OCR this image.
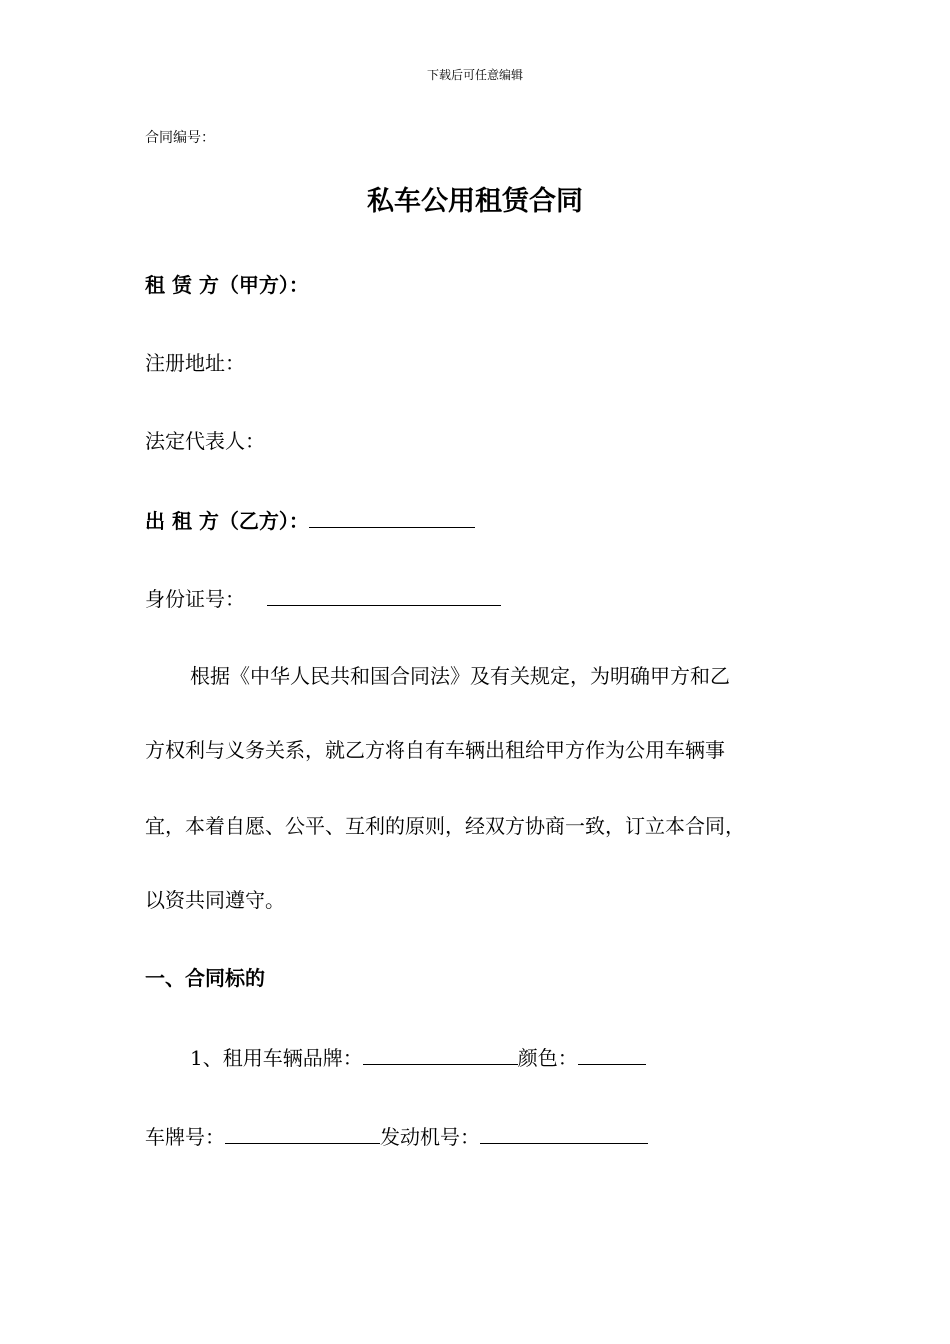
下载后可任意编辑
合同编号：
私车公用租赁合同
租 赁 方（甲方）：
注册地址：
法定代表人：
出 租 方（乙方）：
身份证号：
根据《中华人民共和国合同法》及有关规定，为明确甲方和乙
方权利与义务关系，就乙方将自有车辆出租给甲方作为公用车辆事
宜，本着自愿、公平、互利的原则，经双方协商一致，订立本合同，
以资共同遵守。
一、合同标的
1、租用车辆品牌：	颜色：
车牌号：	发动机号：
